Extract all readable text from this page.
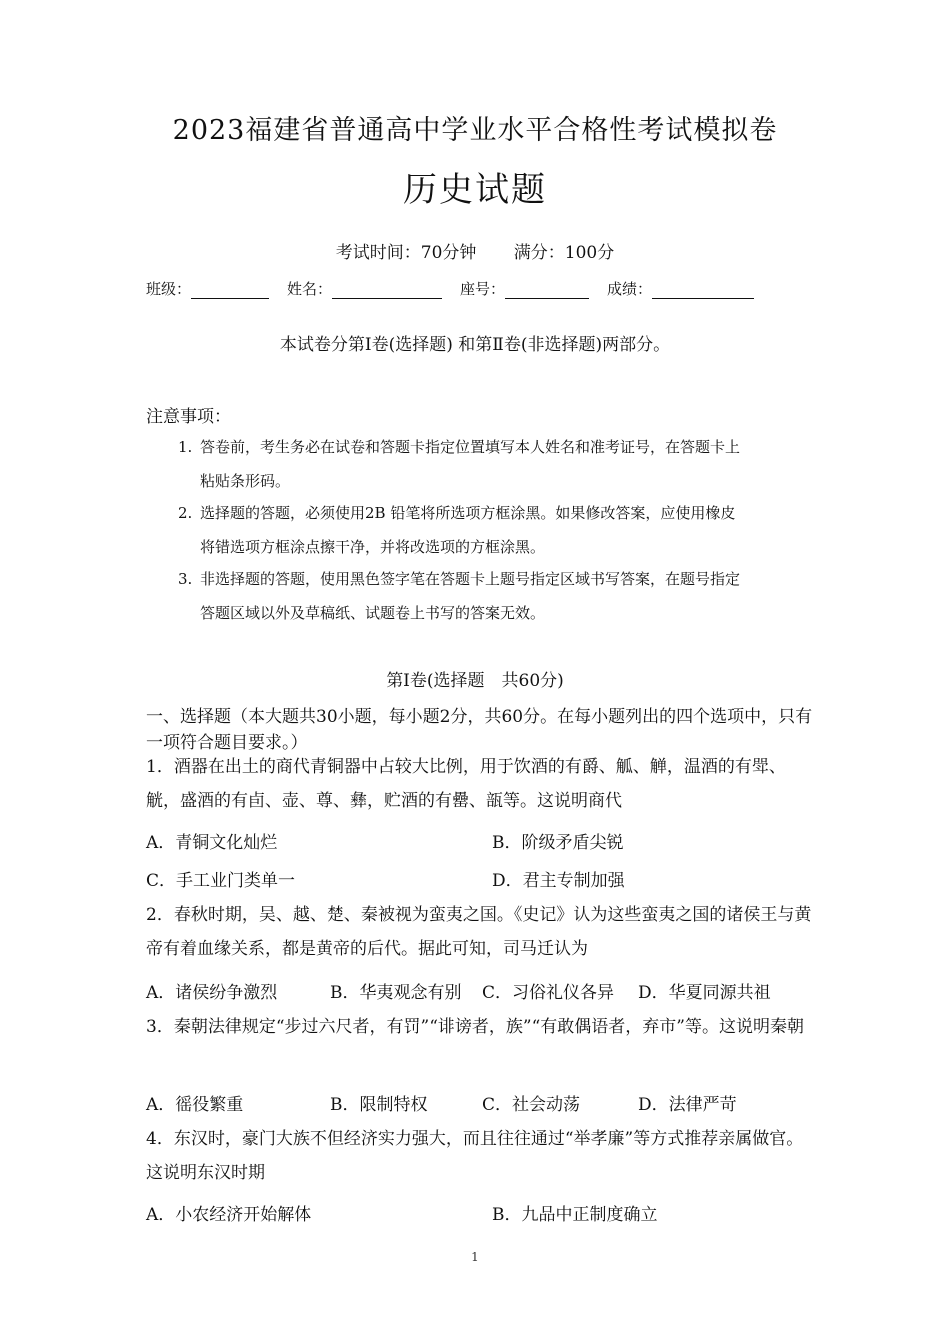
2023福建省普通高中学业水平合格性考试模拟卷
历史试题
考试时间：70分钟 满分：100分
班级：	姓名：	座号：	成绩：
本试卷分第Ⅰ卷(选择题) 和第Ⅱ卷(非选择题)两部分。
注意事项：
1. 答卷前，考生务必在试卷和答题卡指定位置填写本人姓名和准考证号，在答题卡上
粘贴条形码。
2. 选择题的答题，必须使用2B 铅笔将所选项方框涂黑。如果修改答案，应使用橡皮
将错选项方框涂点擦干净，并将改选项的方框涂黑。
3. 非选择题的答题，使用黑色签字笔在答题卡上题号指定区域书写答案，在题号指定
答题区域以外及草稿纸、试题卷上书写的答案无效。
第Ⅰ卷(选择题　共60分)
一、选择题（本大题共30小题，每小题2分，共60分。在每小题列出的四个选项中，只有一项符合题目要求。）
1．酒器在出土的商代青铜器中占较大比例，用于饮酒的有爵、觚、觯，温酒的有斝、觥，盛酒的有卣、壶、尊、彝，贮酒的有罍、瓿等。这说明商代
A．青铜文化灿烂	B．阶级矛盾尖锐
C．手工业门类单一	D．君主专制加强
2．春秋时期，吴、越、楚、秦被视为蛮夷之国。《史记》认为这些蛮夷之国的诸侯王与黄帝有着血缘关系，都是黄帝的后代。据此可知，司马迁认为
A．诸侯纷争激烈	B．华夷观念有别 C．习俗礼仪各异 D．华夏同源共祖
3．秦朝法律规定“步过六尺者，有罚”“诽谤者，族”“有敢偶语者，弃市”等。这说明秦朝
A．徭役繁重	B．限制特权	C．社会动荡	D．法律严苛
4．东汉时，豪门大族不但经济实力强大，而且往往通过“举孝廉”等方式推荐亲属做官。这说明东汉时期
A．小农经济开始解体	B．九品中正制度确立
1
